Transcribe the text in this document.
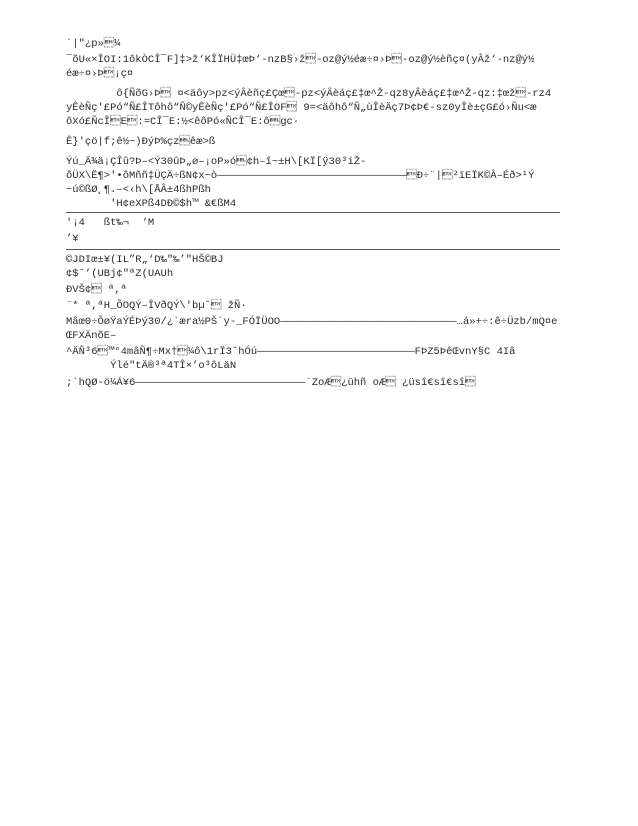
´|"¿p»¼
¯õU«×ÎOI:1ôkÒCÎ¯F]‡>ž‘KÎÏHÜ‡œÞ‘-nzB§›ž-oz@ý½éæ÷¤›Þ-oz@ý½èñç¤(yÂž‘-nz@ý½
éæ÷¤›Þ¡ç¤
ô{ÑõG›Þ ¤<äôy>pz<ýÂèñç£Çœ-pz<ýÂèáç£‡œ^Ž-qz8yÂèáç£‡œ^Ž-qz:‡œž-rz4
yÊèÑç'£Pó“Ñ£ÎTôhô“Ñ©yÊèÑç'£Pó“Ñ£ÎOF 9=<äôhô“Ñ„ùÎèÄç7Þ¢Þ€-sz0yÎè±çG£ó›Ñu<æ
ôXó£ÑcÎE:=CÎ¯E:½<êôPó«ÑCÎ¯E:ôgc·
Ê}'çö|f;ê½~)ÐýÞ%çzêæ>ß
Ýú_Ä¾ä¡ÇÎû?Þ–<Ý30ûÞ„ø–¡oP»ó¢h–î~±H\[KÏ[ÿ30³iŽ-
ôÜX\Ë¶>'•ôMññ‡ÜÇÄ÷ßN¢x~ò——————————————————————————————Ð÷¨|²ïEÏK©Â–Éð>¹Ý
~ú©ßØ¸¶.–<‹h\[ÅÂ±4ßhPßh
'H¢eXPß4DÐ©$h™ &€ßM4
'¡4   ßt‰¬  ‘M
’¥
©JDIœ±¥(IL”R„‘D‰"‰’"HŠ©BJ
¢$ˆ’(UBj¢"ªZ(UAUh
ÐVŠ¢ ª,ª
¨* ª,ªH_ÕOQÝ–ÎVðQÝ\'bµˆ žÑ·
Mâœ0÷ÕøŸaÝÉÞý30/¿`æra½PŠ´y-_FÓÏÜOO————————————————————————————…á»+÷:ê÷Üzb/mQ¤e
ŒFXÄnõE–
^ÄÑ³6™°4mâÑ¶÷Mx†¼ô\1rÏ3ˆhÓú—————————————————————————FÞZ5ÞêŒvnY§C 4Iâ
Ýlé"tÄ®³ª4TÎ×’o³ôLäN
;`hQØ-ö¼Á¥6———————————————————————————`ZoÆ¿ühñ oÆ ¿üsî€sî€sî
